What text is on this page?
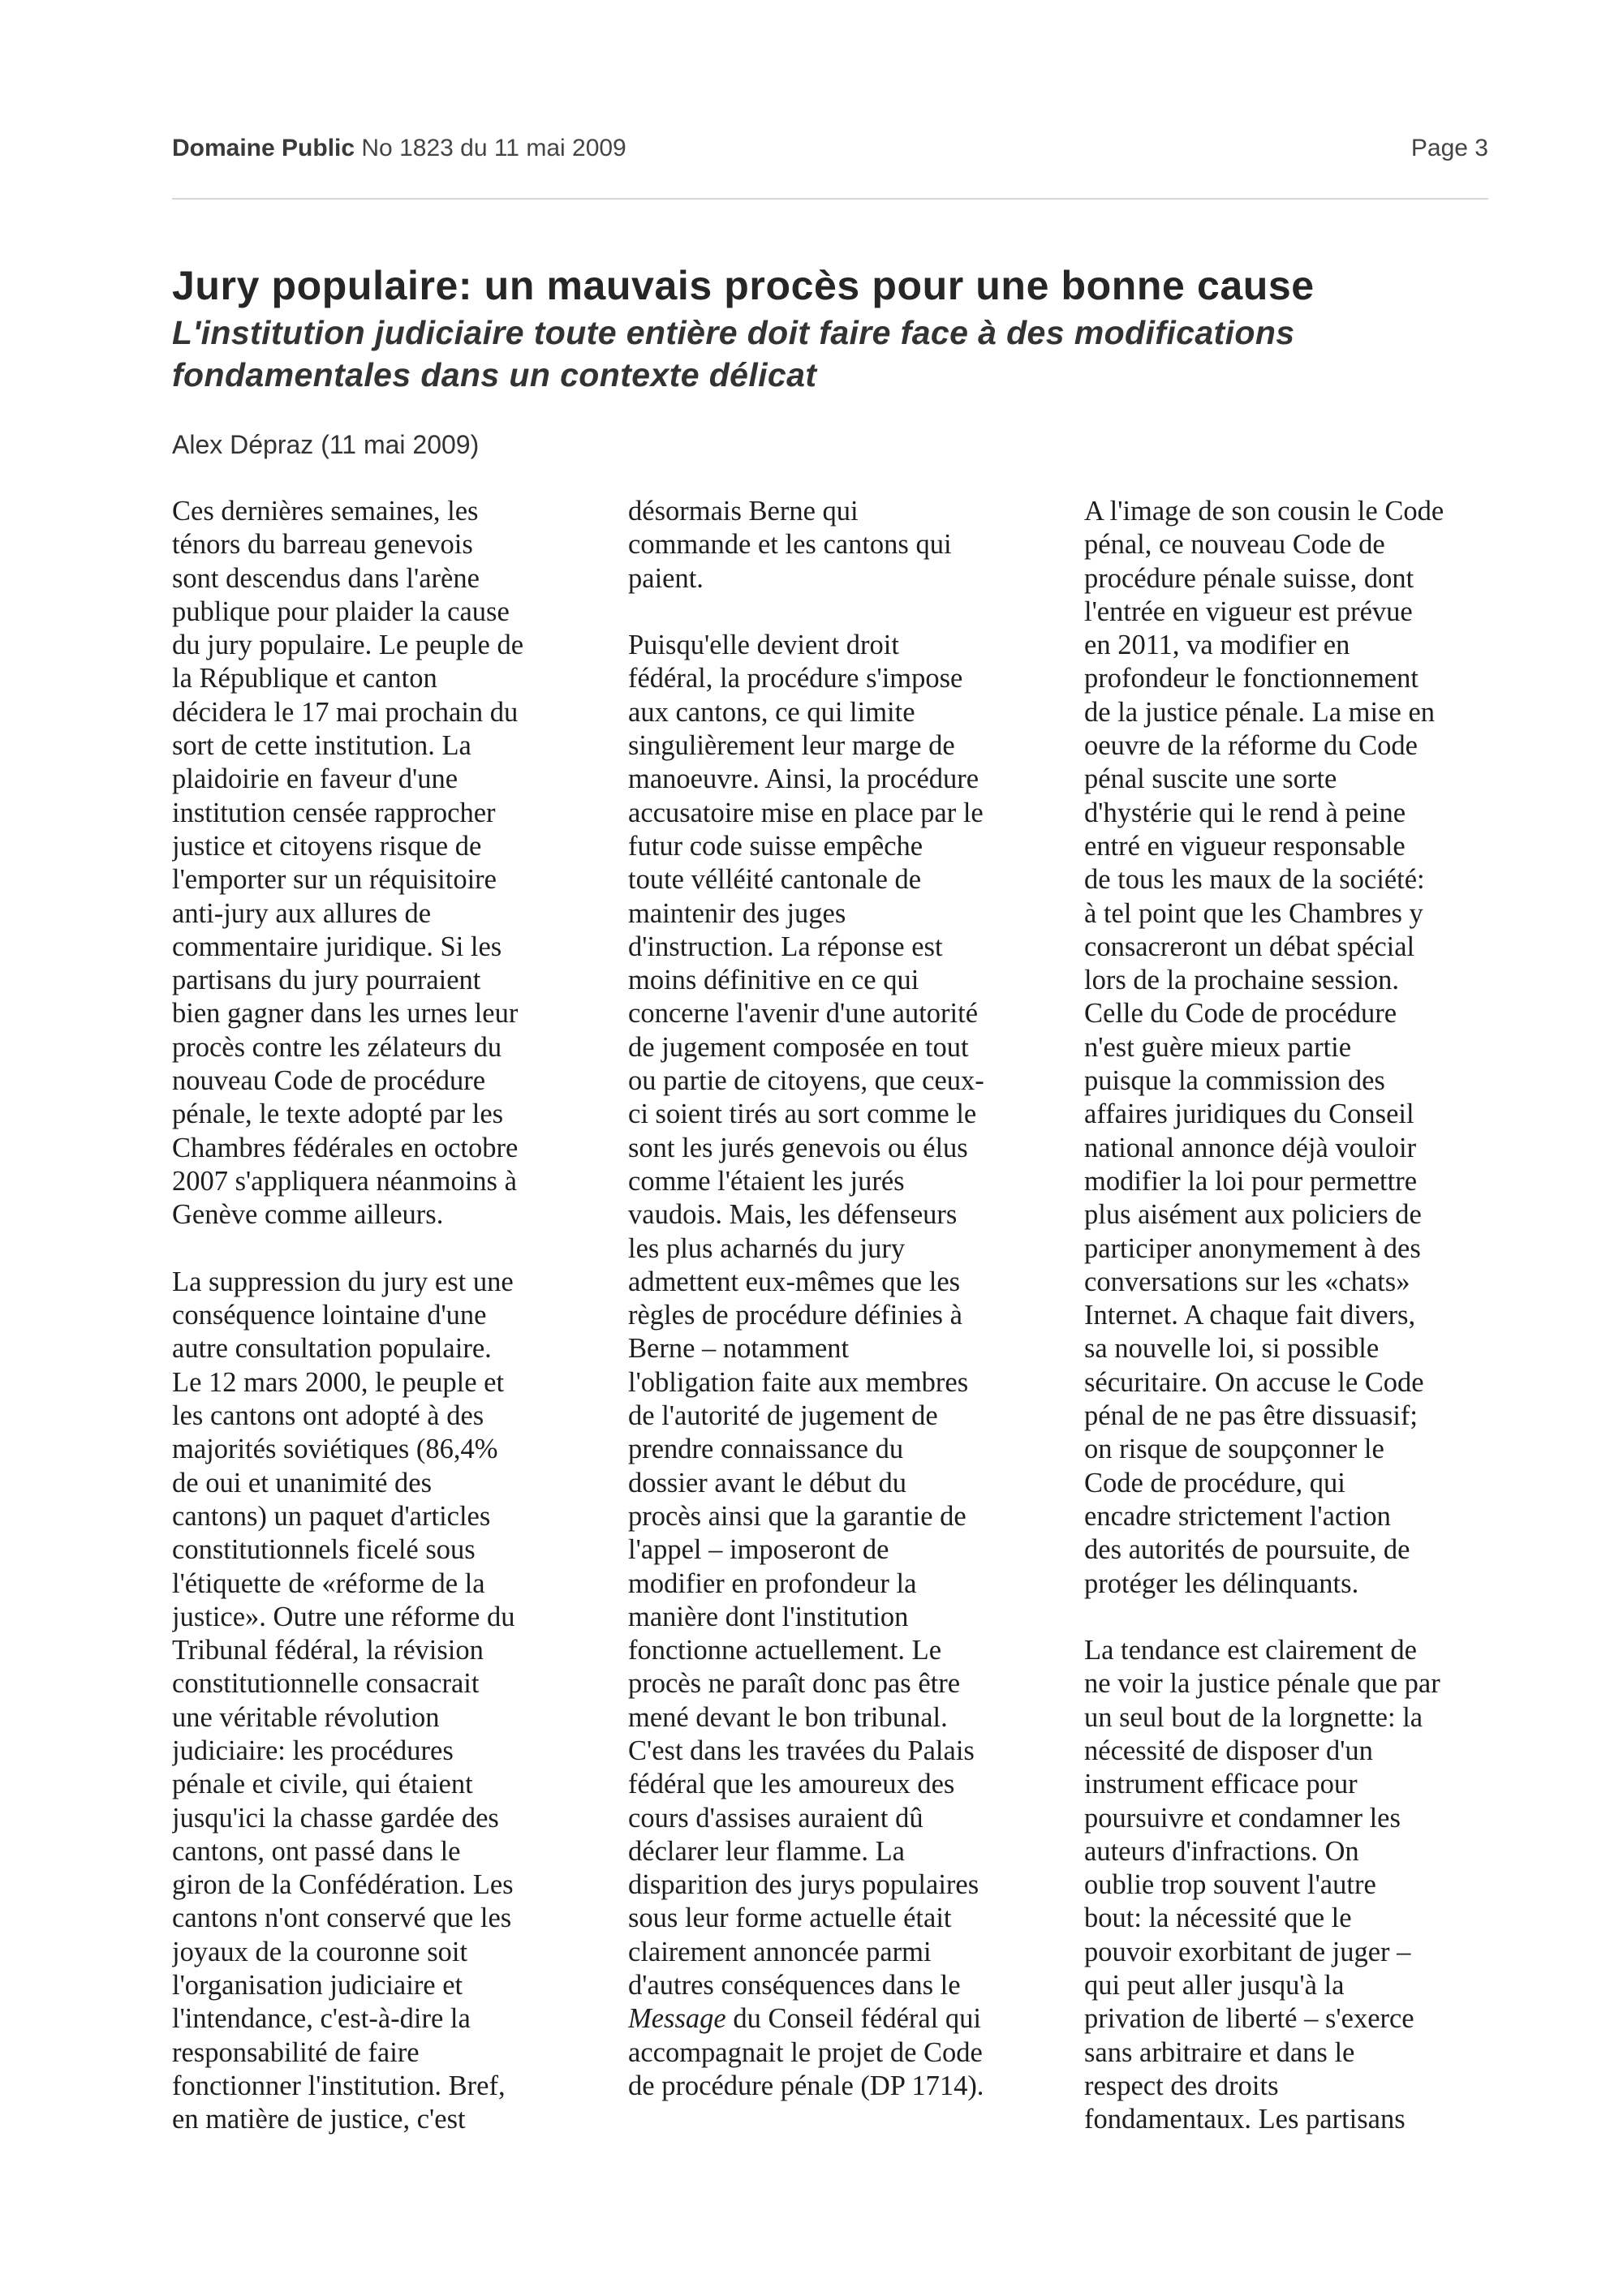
Domaine Public No 1823 du 11 mai 2009	Page 3
Jury populaire: un mauvais procès pour une bonne cause
L'institution judiciaire toute entière doit faire face à des modifications fondamentales dans un contexte délicat
Alex Dépraz (11 mai 2009)

Ces dernières semaines, les
ténors du barreau genevois
sont descendus dans l'arène
publique pour plaider la cause
du jury populaire. Le peuple de
la République et canton
décidera le 17 mai prochain du
sort de cette institution. La
plaidoirie en faveur d'une
institution censée rapprocher
justice et citoyens risque de
l'emporter sur un réquisitoire
anti-jury aux allures de
commentaire juridique. Si les
partisans du jury pourraient
bien gagner dans les urnes leur
procès contre les zélateurs du
nouveau Code de procédure
pénale, le texte adopté par les
Chambres fédérales en octobre
2007 s'appliquera néanmoins à
Genève comme ailleurs.

La suppression du jury est une
conséquence lointaine d'une
autre consultation populaire.
Le 12 mars 2000, le peuple et
les cantons ont adopté à des
majorités soviétiques (86,4%
de oui et unanimité des
cantons) un paquet d'articles
constitutionnels ficelé sous
l'étiquette de «réforme de la
justice». Outre une réforme du
Tribunal fédéral, la révision
constitutionnelle consacrait
une véritable révolution
judiciaire: les procédures
pénale et civile, qui étaient
jusqu'ici la chasse gardée des
cantons, ont passé dans le
giron de la Confédération. Les
cantons n'ont conservé que les
joyaux de la couronne soit
l'organisation judiciaire et
l'intendance, c'est-à-dire la
responsabilité de faire
fonctionner l'institution. Bref,
en matière de justice, c'est

désormais Berne qui
commande et les cantons qui
paient.

Puisqu'elle devient droit
fédéral, la procédure s'impose
aux cantons, ce qui limite
singulièrement leur marge de
manoeuvre. Ainsi, la procédure
accusatoire mise en place par le
futur code suisse empêche
toute vélléité cantonale de
maintenir des juges
d'instruction. La réponse est
moins définitive en ce qui
concerne l'avenir d'une autorité
de jugement composée en tout
ou partie de citoyens, que ceux-
ci soient tirés au sort comme le
sont les jurés genevois ou élus
comme l'étaient les jurés
vaudois. Mais, les défenseurs
les plus acharnés du jury
admettent eux-mêmes que les
règles de procédure définies à
Berne – notamment
l'obligation faite aux membres
de l'autorité de jugement de
prendre connaissance du
dossier avant le début du
procès ainsi que la garantie de
l'appel – imposeront de
modifier en profondeur la
manière dont l'institution
fonctionne actuellement. Le
procès ne paraît donc pas être
mené devant le bon tribunal.
C'est dans les travées du Palais
fédéral que les amoureux des
cours d'assises auraient dû
déclarer leur flamme. La
disparition des jurys populaires
sous leur forme actuelle était
clairement annoncée parmi
d'autres conséquences dans le
Message du Conseil fédéral qui
accompagnait le projet de Code
de procédure pénale (DP 1714).

A l'image de son cousin le Code
pénal, ce nouveau Code de
procédure pénale suisse, dont
l'entrée en vigueur est prévue
en 2011, va modifier en
profondeur le fonctionnement
de la justice pénale. La mise en
oeuvre de la réforme du Code
pénal suscite une sorte
d'hystérie qui le rend à peine
entré en vigueur responsable
de tous les maux de la société:
à tel point que les Chambres y
consacreront un débat spécial
lors de la prochaine session.
Celle du Code de procédure
n'est guère mieux partie
puisque la commission des
affaires juridiques du Conseil
national annonce déjà vouloir
modifier la loi pour permettre
plus aisément aux policiers de
participer anonymement à des
conversations sur les «chats»
Internet. A chaque fait divers,
sa nouvelle loi, si possible
sécuritaire. On accuse le Code
pénal de ne pas être dissuasif;
on risque de soupçonner le
Code de procédure, qui
encadre strictement l'action
des autorités de poursuite, de
protéger les délinquants.

La tendance est clairement de
ne voir la justice pénale que par
un seul bout de la lorgnette: la
nécessité de disposer d'un
instrument efficace pour
poursuivre et condamner les
auteurs d'infractions. On
oublie trop souvent l'autre
bout: la nécessité que le
pouvoir exorbitant de juger –
qui peut aller jusqu'à la
privation de liberté – s'exerce
sans arbitraire et dans le
respect des droits
fondamentaux. Les partisans
